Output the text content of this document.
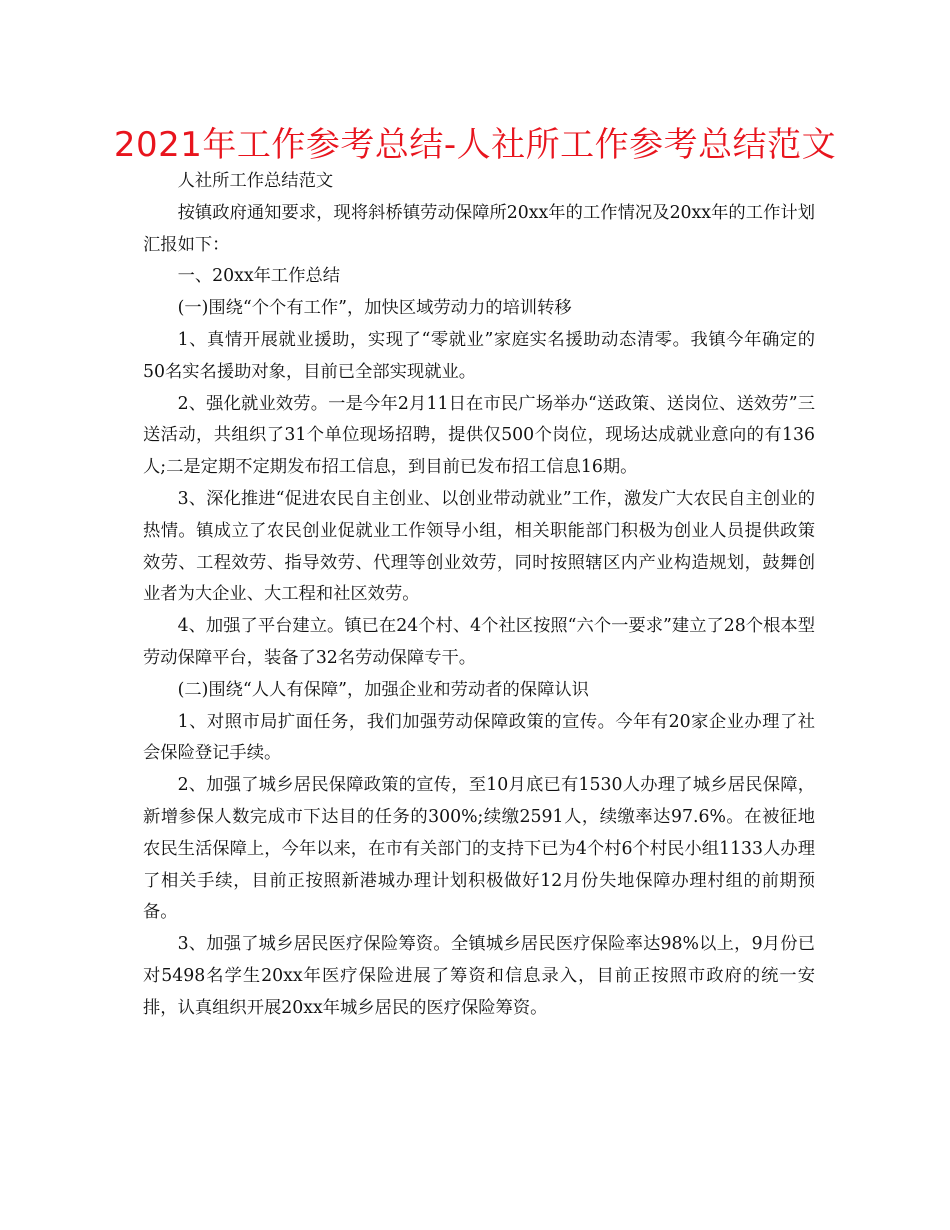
2021年工作参考总结-人社所工作参考总结范文

人社所工作总结范文

按镇政府通知要求，现将斜桥镇劳动保障所20xx年的工作情况及20xx年的工作计划汇报如下：

一、20xx年工作总结

(一)围绕“个个有工作”，加快区域劳动力的培训转移

1、真情开展就业援助，实现了“零就业”家庭实名援助动态清零。我镇今年确定的50名实名援助对象，目前已全部实现就业。

2、强化就业效劳。一是今年2月11日在市民广场举办“送政策、送岗位、送效劳”三送活动，共组织了31个单位现场招聘，提供仅500个岗位，现场达成就业意向的有136人;二是定期不定期发布招工信息，到目前已发布招工信息16期。

3、深化推进“促进农民自主创业、以创业带动就业”工作，激发广大农民自主创业的热情。镇成立了农民创业促就业工作领导小组，相关职能部门积极为创业人员提供政策效劳、工程效劳、指导效劳、代理等创业效劳，同时按照辖区内产业构造规划，鼓舞创业者为大企业、大工程和社区效劳。

4、加强了平台建立。镇已在24个村、4个社区按照“六个一要求”建立了28个根本型劳动保障平台，装备了32名劳动保障专干。

(二)围绕“人人有保障”，加强企业和劳动者的保障认识

1、对照市局扩面任务，我们加强劳动保障政策的宣传。今年有20家企业办理了社会保险登记手续。

2、加强了城乡居民保障政策的宣传，至10月底已有1530人办理了城乡居民保障，新增参保人数完成市下达目的任务的300%;续缴2591人，续缴率达97.6%。在被征地农民生活保障上，今年以来，在市有关部门的支持下已为4个村6个村民小组1133人办理了相关手续，目前正按照新港城办理计划积极做好12月份失地保障办理村组的前期预备。

3、加强了城乡居民医疗保险筹资。全镇城乡居民医疗保险率达98%以上，9月份已对5498名学生20xx年医疗保险进展了筹资和信息录入，目前正按照市政府的统一安排，认真组织开展20xx年城乡居民的医疗保险筹资。
